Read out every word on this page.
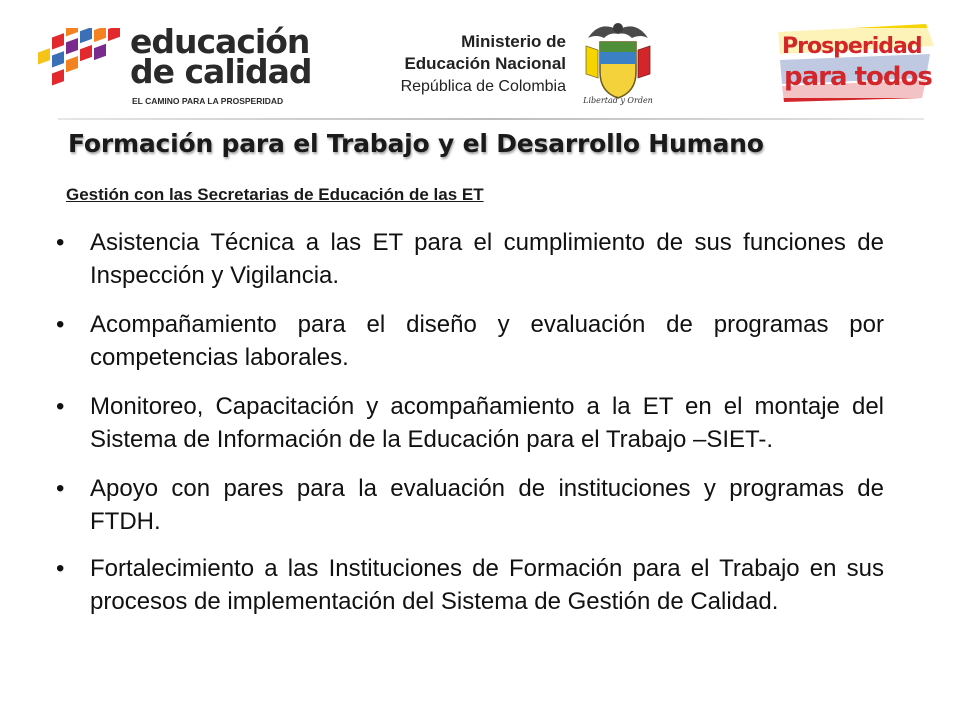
educación
de calidad
EL CAMINO PARA LA PROSPERIDAD
Ministerio de
Educación Nacional
República de Colombia
Libertad y Orden
Prosperidad
para todos
Formación para el Trabajo y el Desarrollo Humano
Gestión con las Secretarias de Educación de las ET
• Asistencia Técnica a las ET para el cumplimiento de sus funciones de Inspección y Vigilancia.
• Acompañamiento para el diseño y evaluación de programas por competencias laborales.
• Monitoreo, Capacitación y acompañamiento a la ET en el montaje del Sistema de Información de la Educación para el Trabajo –SIET-.
• Apoyo con pares para la evaluación de instituciones y programas de FTDH.
• Fortalecimiento a las Instituciones de Formación para el Trabajo en sus procesos de implementación del Sistema de Gestión de Calidad.
